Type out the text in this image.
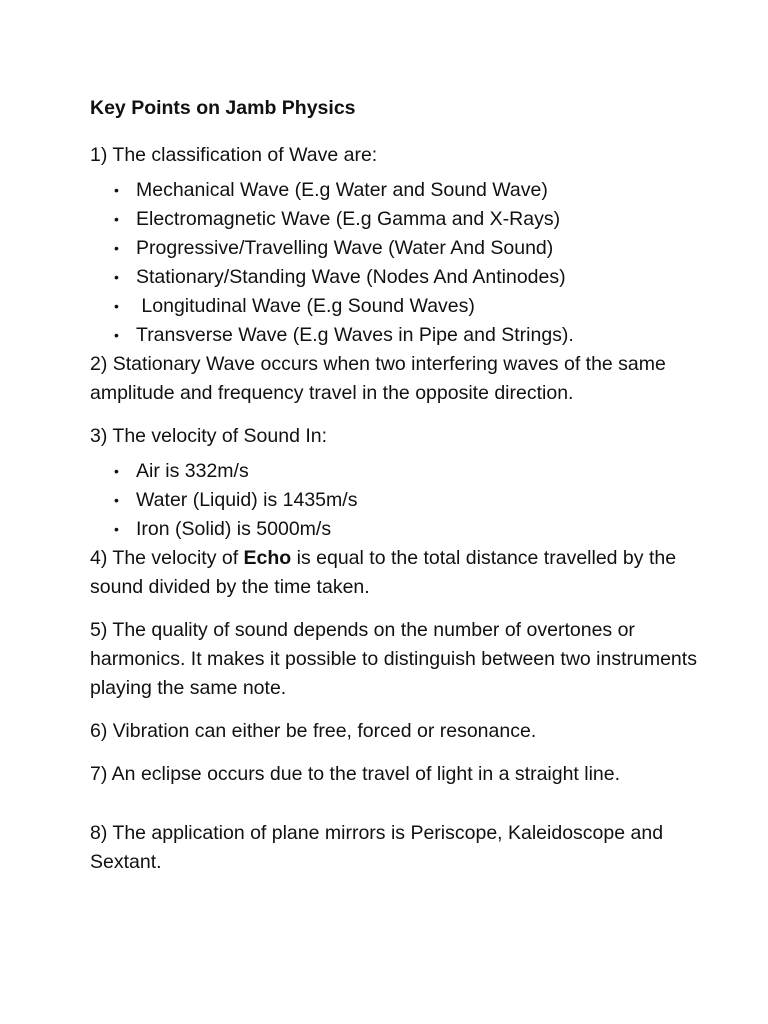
Key Points on Jamb Physics
1) The classification of Wave are:
• Mechanical Wave (E.g Water and Sound Wave)
• Electromagnetic Wave (E.g Gamma and X-Rays)
• Progressive/Travelling Wave (Water And Sound)
• Stationary/Standing Wave (Nodes And Antinodes)
• Longitudinal Wave (E.g Sound Waves)
• Transverse Wave (E.g Waves in Pipe and Strings).
2) Stationary Wave occurs when two interfering waves of the same amplitude and frequency travel in the opposite direction.
3) The velocity of Sound In:
• Air is 332m/s
• Water (Liquid) is 1435m/s
• Iron (Solid) is 5000m/s
4) The velocity of Echo is equal to the total distance travelled by the sound divided by the time taken.
5) The quality of sound depends on the number of overtones or harmonics. It makes it possible to distinguish between two instruments playing the same note.
6) Vibration can either be free, forced or resonance.
7) An eclipse occurs due to the travel of light in a straight line.
8) The application of plane mirrors is Periscope, Kaleidoscope and Sextant.
